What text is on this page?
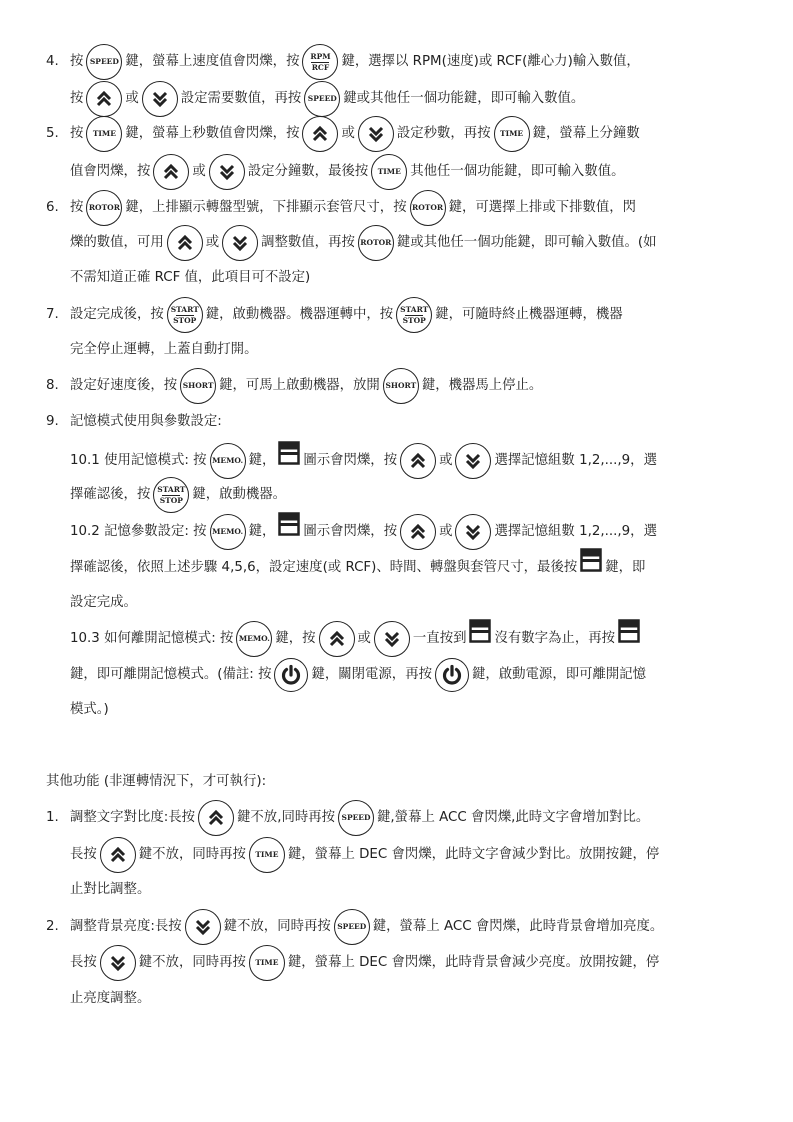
4. 按 SPEED 鍵，螢幕上速度值會閃爍，按 RPM
RCF 鍵，選擇以 RPM(速度)或 RCF(離心力)輸入數值，
按	或	設定需要數值，再按 SPEED 鍵或其他任一個功能鍵，即可輸入數值。
5. 按 TIME 鍵，螢幕上秒數值會閃爍，按	或	設定秒數，再按 TIME 鍵，螢幕上分鐘數
值會閃爍，按	或	設定分鐘數，最後按 TIME 其他任一個功能鍵，即可輸入數值。
6. 按 ROTOR 鍵，上排顯示轉盤型號，下排顯示套管尺寸，按 ROTOR 鍵，可選擇上排或下排數值，閃
爍的數值，可用	或	調整數值，再按 ROTOR 鍵或其他任一個功能鍵，即可輸入數值。(如
不需知道正確 RCF 值，此項目可不設定)
7. 設定完成後，按 START
STOP 鍵，啟動機器。機器運轉中，按 START
STOP 鍵，可隨時終止機器運轉，機器
完全停止運轉，上蓋自動打開。
8. 設定好速度後，按 SHORT 鍵，可馬上啟動機器，放開 SHORT 鍵，機器馬上停止。
9. 記憶模式使用與參數設定:
10.1 使用記憶模式: 按 MEMO. 鍵， 圖示會閃爍，按	或	選擇記憶組數 1,2,...,9，選
擇確認後，按 START
STOP 鍵，啟動機器。
10.2 記憶參數設定: 按 MEMO. 鍵， 圖示會閃爍，按	或	選擇記憶組數 1,2,...,9，選
擇確認後，依照上述步驟 4,5,6，設定速度(或 RCF)、時間、轉盤與套管尺寸，最後按 鍵，即
設定完成。
10.3 如何離開記憶模式: 按 MEMO. 鍵，按	或	一直按到 沒有數字為止，再按
鍵，即可離開記憶模式。(備註: 按	鍵，關閉電源，再按	鍵，啟動電源，即可離開記憶
模式。)
其他功能 (非運轉情況下，才可執行):
1. 調整文字對比度:長按	鍵不放,同時再按 SPEED 鍵,螢幕上 ACC 會閃爍,此時文字會增加對比。
長按	鍵不放，同時再按 TIME 鍵，螢幕上 DEC 會閃爍，此時文字會減少對比。放開按鍵，停
止對比調整。
2. 調整背景亮度:長按	鍵不放，同時再按 SPEED 鍵，螢幕上 ACC 會閃爍，此時背景會增加亮度。
長按	鍵不放，同時再按 TIME 鍵，螢幕上 DEC 會閃爍，此時背景會減少亮度。放開按鍵，停
止亮度調整。
